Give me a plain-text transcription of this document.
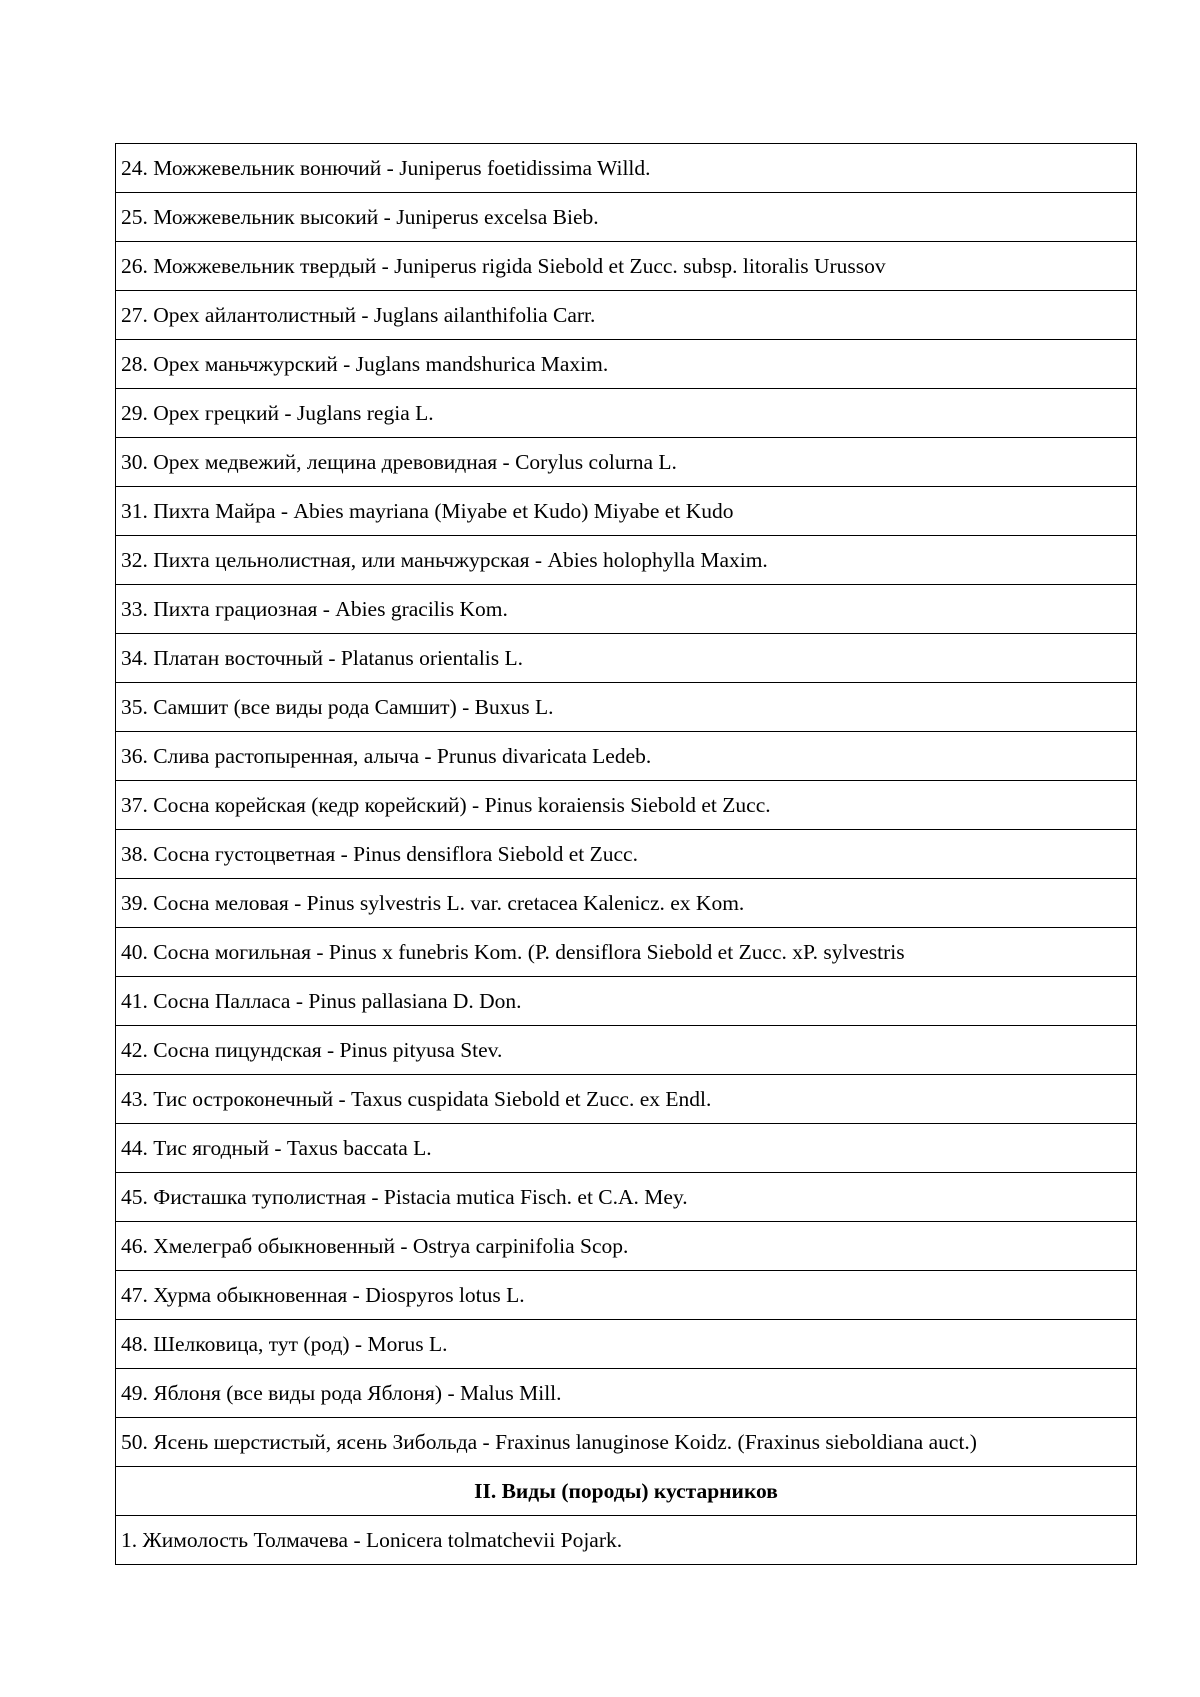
24. Можжевельник вонючий - Juniperus foetidissima Willd.
25. Можжевельник высокий - Juniperus excelsa Bieb.
26. Можжевельник твердый - Juniperus rigida Siebold et Zucc. subsp. litoralis Urussov
27. Орех айлантолистный - Juglans ailanthifolia Carr.
28. Орех маньчжурский - Juglans mandshurica Maxim.
29. Орех грецкий - Juglans regia L.
30. Орех медвежий, лещина древовидная - Corylus colurna L.
31. Пихта Майра - Abies mayriana (Miyabe et Kudo) Miyabe et Kudo
32. Пихта цельнолистная, или маньчжурская - Abies holophylla Maxim.
33. Пихта грациозная - Abies gracilis Kom.
34. Платан восточный - Platanus orientalis L.
35. Самшит (все виды рода Самшит) - Buxus L.
36. Слива растопыренная, алыча - Prunus divaricata Ledeb.
37. Сосна корейская (кедр корейский) - Pinus koraiensis Siebold et Zucc.
38. Сосна густоцветная - Pinus densiflora Siebold et Zucc.
39. Сосна меловая - Pinus sylvestris L. var. cretacea Kalenicz. ex Kom.
40. Сосна могильная - Pinus x funebris Kom. (P. densiflora Siebold et Zucc. xP. sylvestris
41. Сосна Палласа - Pinus pallasiana D. Don.
42. Сосна пицундская - Pinus pityusa Stev.
43. Тис остроконечный - Taxus cuspidata Siebold et Zucc. ex Endl.
44. Тис ягодный - Taxus baccata L.
45. Фисташка туполистная - Pistacia mutica Fisch. et C.A. Mey.
46. Хмелеграб обыкновенный - Ostrya carpinifolia Scop.
47. Хурма обыкновенная - Diospyros lotus L.
48. Шелковица, тут (род) - Morus L.
49. Яблоня (все виды рода Яблоня) - Malus Mill.
50. Ясень шерстистый, ясень Зибольда - Fraxinus lanuginose Koidz. (Fraxinus sieboldiana auct.)
II. Виды (породы) кустарников
1. Жимолость Толмачева - Lonicera tolmatchevii Pojark.
